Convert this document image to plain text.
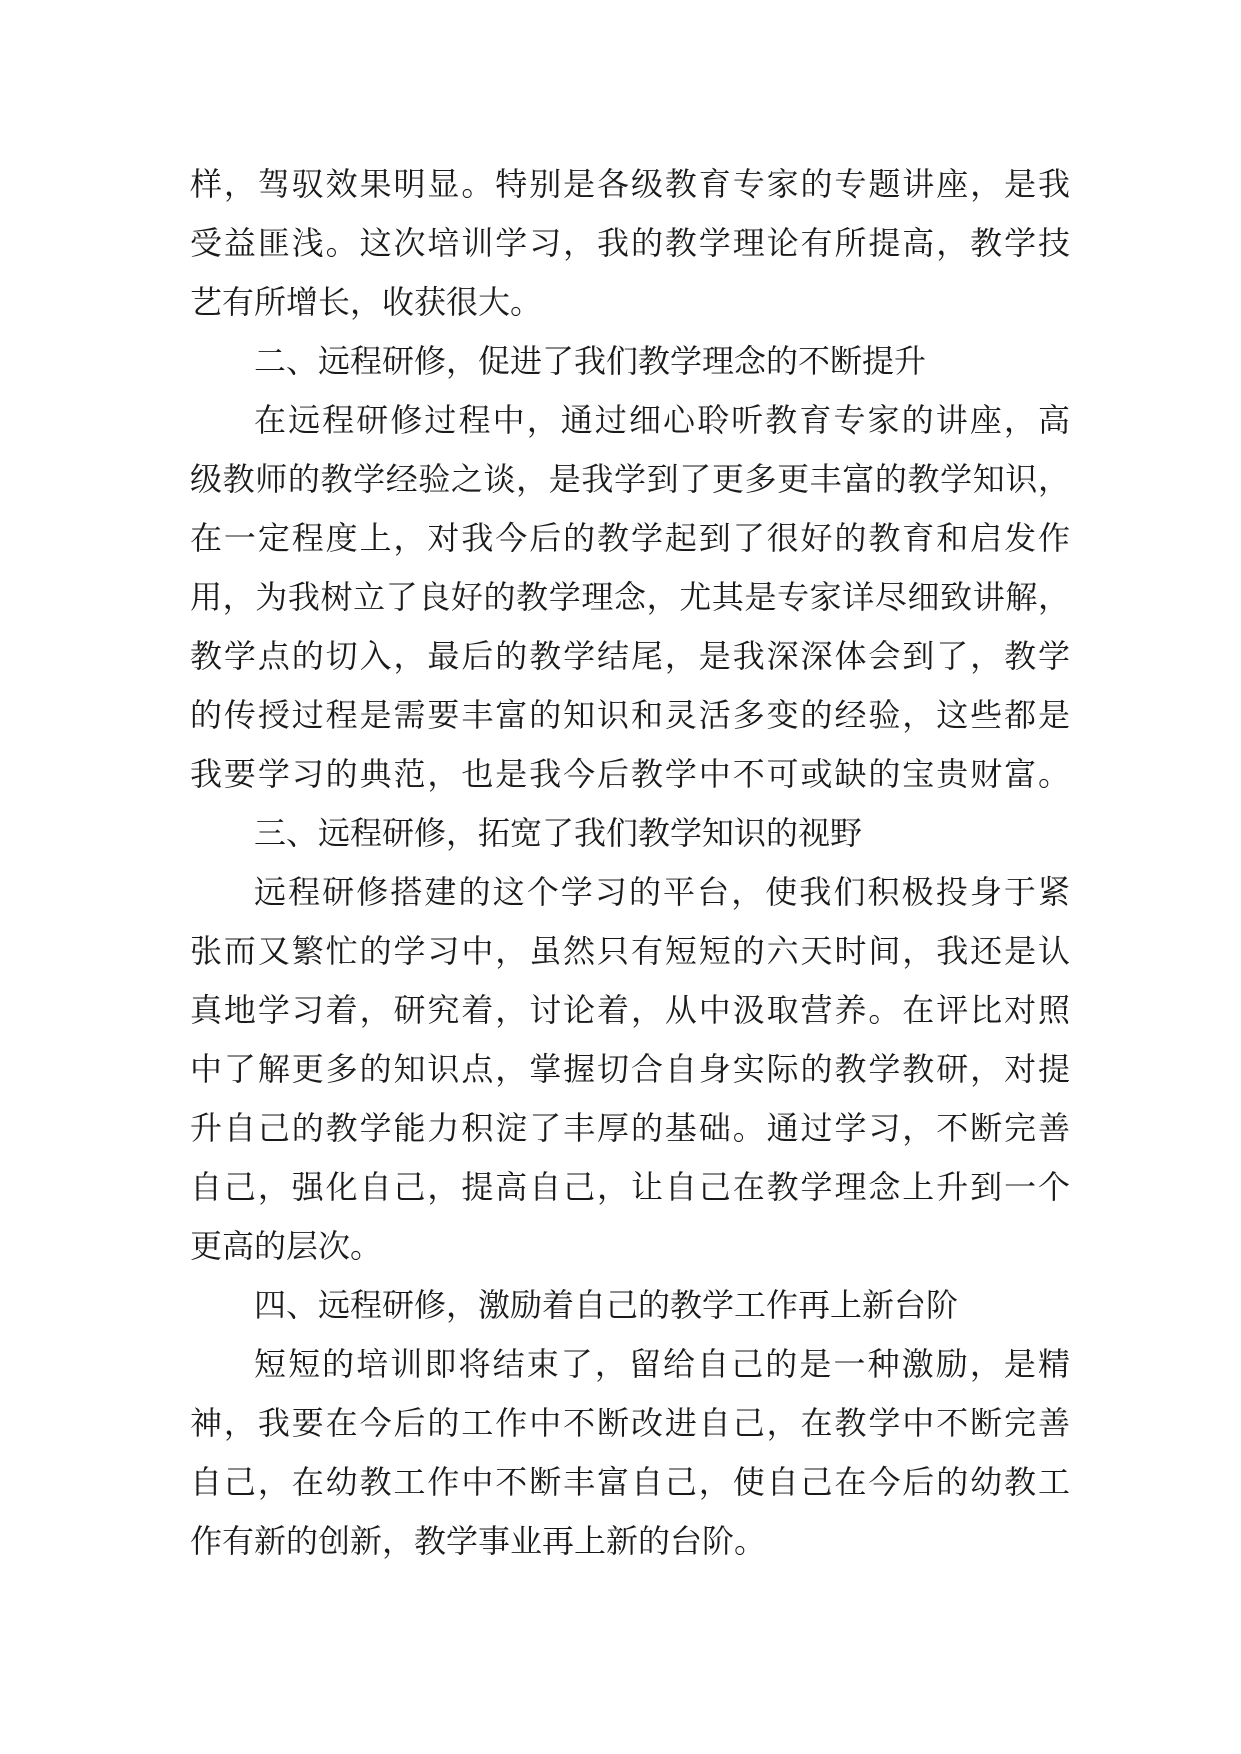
样，驾驭效果明显。特别是各级教育专家的专题讲座，是我
受益匪浅。这次培训学习，我的教学理论有所提高，教学技
艺有所增长，收获很大。
二、远程研修，促进了我们教学理念的不断提升
在远程研修过程中，通过细心聆听教育专家的讲座，高
级教师的教学经验之谈，是我学到了更多更丰富的教学知识，
在一定程度上，对我今后的教学起到了很好的教育和启发作
用，为我树立了良好的教学理念，尤其是专家详尽细致讲解，
教学点的切入，最后的教学结尾，是我深深体会到了，教学
的传授过程是需要丰富的知识和灵活多变的经验，这些都是
我要学习的典范，也是我今后教学中不可或缺的宝贵财富。
三、远程研修，拓宽了我们教学知识的视野
远程研修搭建的这个学习的平台，使我们积极投身于紧
张而又繁忙的学习中，虽然只有短短的六天时间，我还是认
真地学习着，研究着，讨论着，从中汲取营养。在评比对照
中了解更多的知识点，掌握切合自身实际的教学教研，对提
升自己的教学能力积淀了丰厚的基础。通过学习，不断完善
自己，强化自己，提高自己，让自己在教学理念上升到一个
更高的层次。
四、远程研修，激励着自己的教学工作再上新台阶
短短的培训即将结束了，留给自己的是一种激励，是精
神，我要在今后的工作中不断改进自己，在教学中不断完善
自己，在幼教工作中不断丰富自己，使自己在今后的幼教工
作有新的创新，教学事业再上新的台阶。
